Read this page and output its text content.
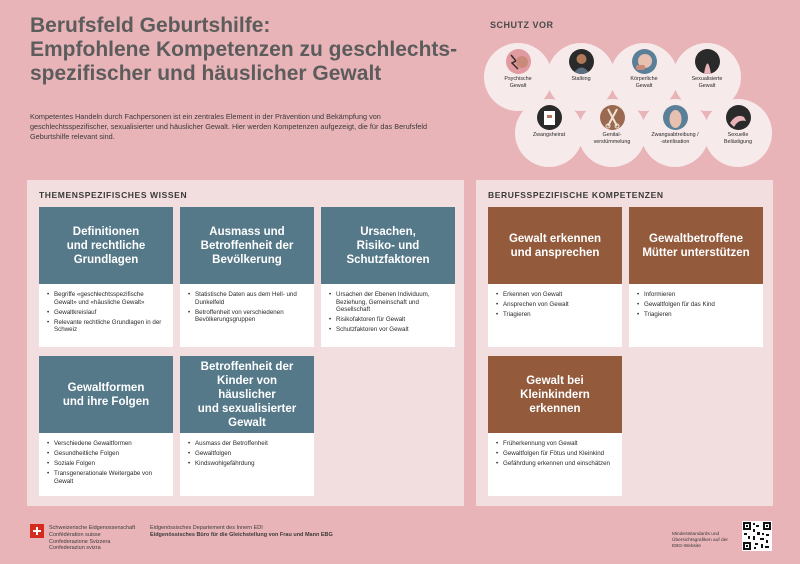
Berufsfeld Geburtshilfe:
Empfohlene Kompetenzen zu geschlechts-
spezifischer und häuslicher Gewalt
Kompetentes Handeln durch Fachpersonen ist ein zentrales Element in der Prävention und Bekämpfung von geschlechtsspezifischer, sexualisierter und häuslicher Gewalt. Hier werden Kompetenzen aufgezeigt, die für das Berufsfeld Geburtshilfe relevant sind.
SCHUTZ VOR
Psychische
Gewalt
Stalking	Körperliche
Gewalt
Sexualisierte
Gewalt
Zwangsheirat	Genital-
verstümmelung
Zwangsabtreibung /
-sterilisation
Sexuelle
Belästigung
THEMENSPEZIFISCHES WISSEN
Definitionen
und rechtliche
Grundlagen
• Begriffe «geschlechtsspezifische Gewalt» und «häusliche Gewalt»
• Gewaltkreislauf
• Relevante rechtliche Grundlagen in der Schweiz
Ausmass und
Betroffenheit der
Bevölkerung
• Statistische Daten aus dem Hell- und Dunkelfeld
• Betroffenheit von verschiedenen Bevölkerungsgruppen
Ursachen,
Risiko- und
Schutzfaktoren
• Ursachen der Ebenen Individuum, Beziehung, Gemeinschaft und Gesellschaft
• Risikofaktoren für Gewalt
• Schutzfaktoren vor Gewalt
Gewaltformen
und ihre Folgen
• Verschiedene Gewaltformen
• Gesundheitliche Folgen
• Soziale Folgen
• Transgenerationale Weitergabe von Gewalt
Betroffenheit der
Kinder von häuslicher
und sexualisierter
Gewalt
• Ausmass der Betroffenheit
• Gewaltfolgen
• Kindswohlgefährdung
BERUFSSPEZIFISCHE KOMPETENZEN
Gewalt erkennen
und ansprechen
• Erkennen von Gewalt
• Ansprechen von Gewalt
• Triagieren
Gewaltbetroffene
Mütter unterstützen
• Informieren
• Gewaltfolgen für das Kind
• Triagieren
Gewalt bei
Kleinkindern
erkennen
• Früherkennung von Gewalt
• Gewaltfolgen für Fötus und Kleinkind
• Gefährdung erkennen und einschätzen
Schweizerische Eidgenossenschaft
Confédération suisse
Confederazione Svizzera
Confederaziun svizra
Eidgenössisches Departement des Innern EDI
Eidgenössisches Büro für die Gleichstellung von Frau und Mann EBG	Mindeststandards und Übersichtsgrafiken auf der EBG-Website
